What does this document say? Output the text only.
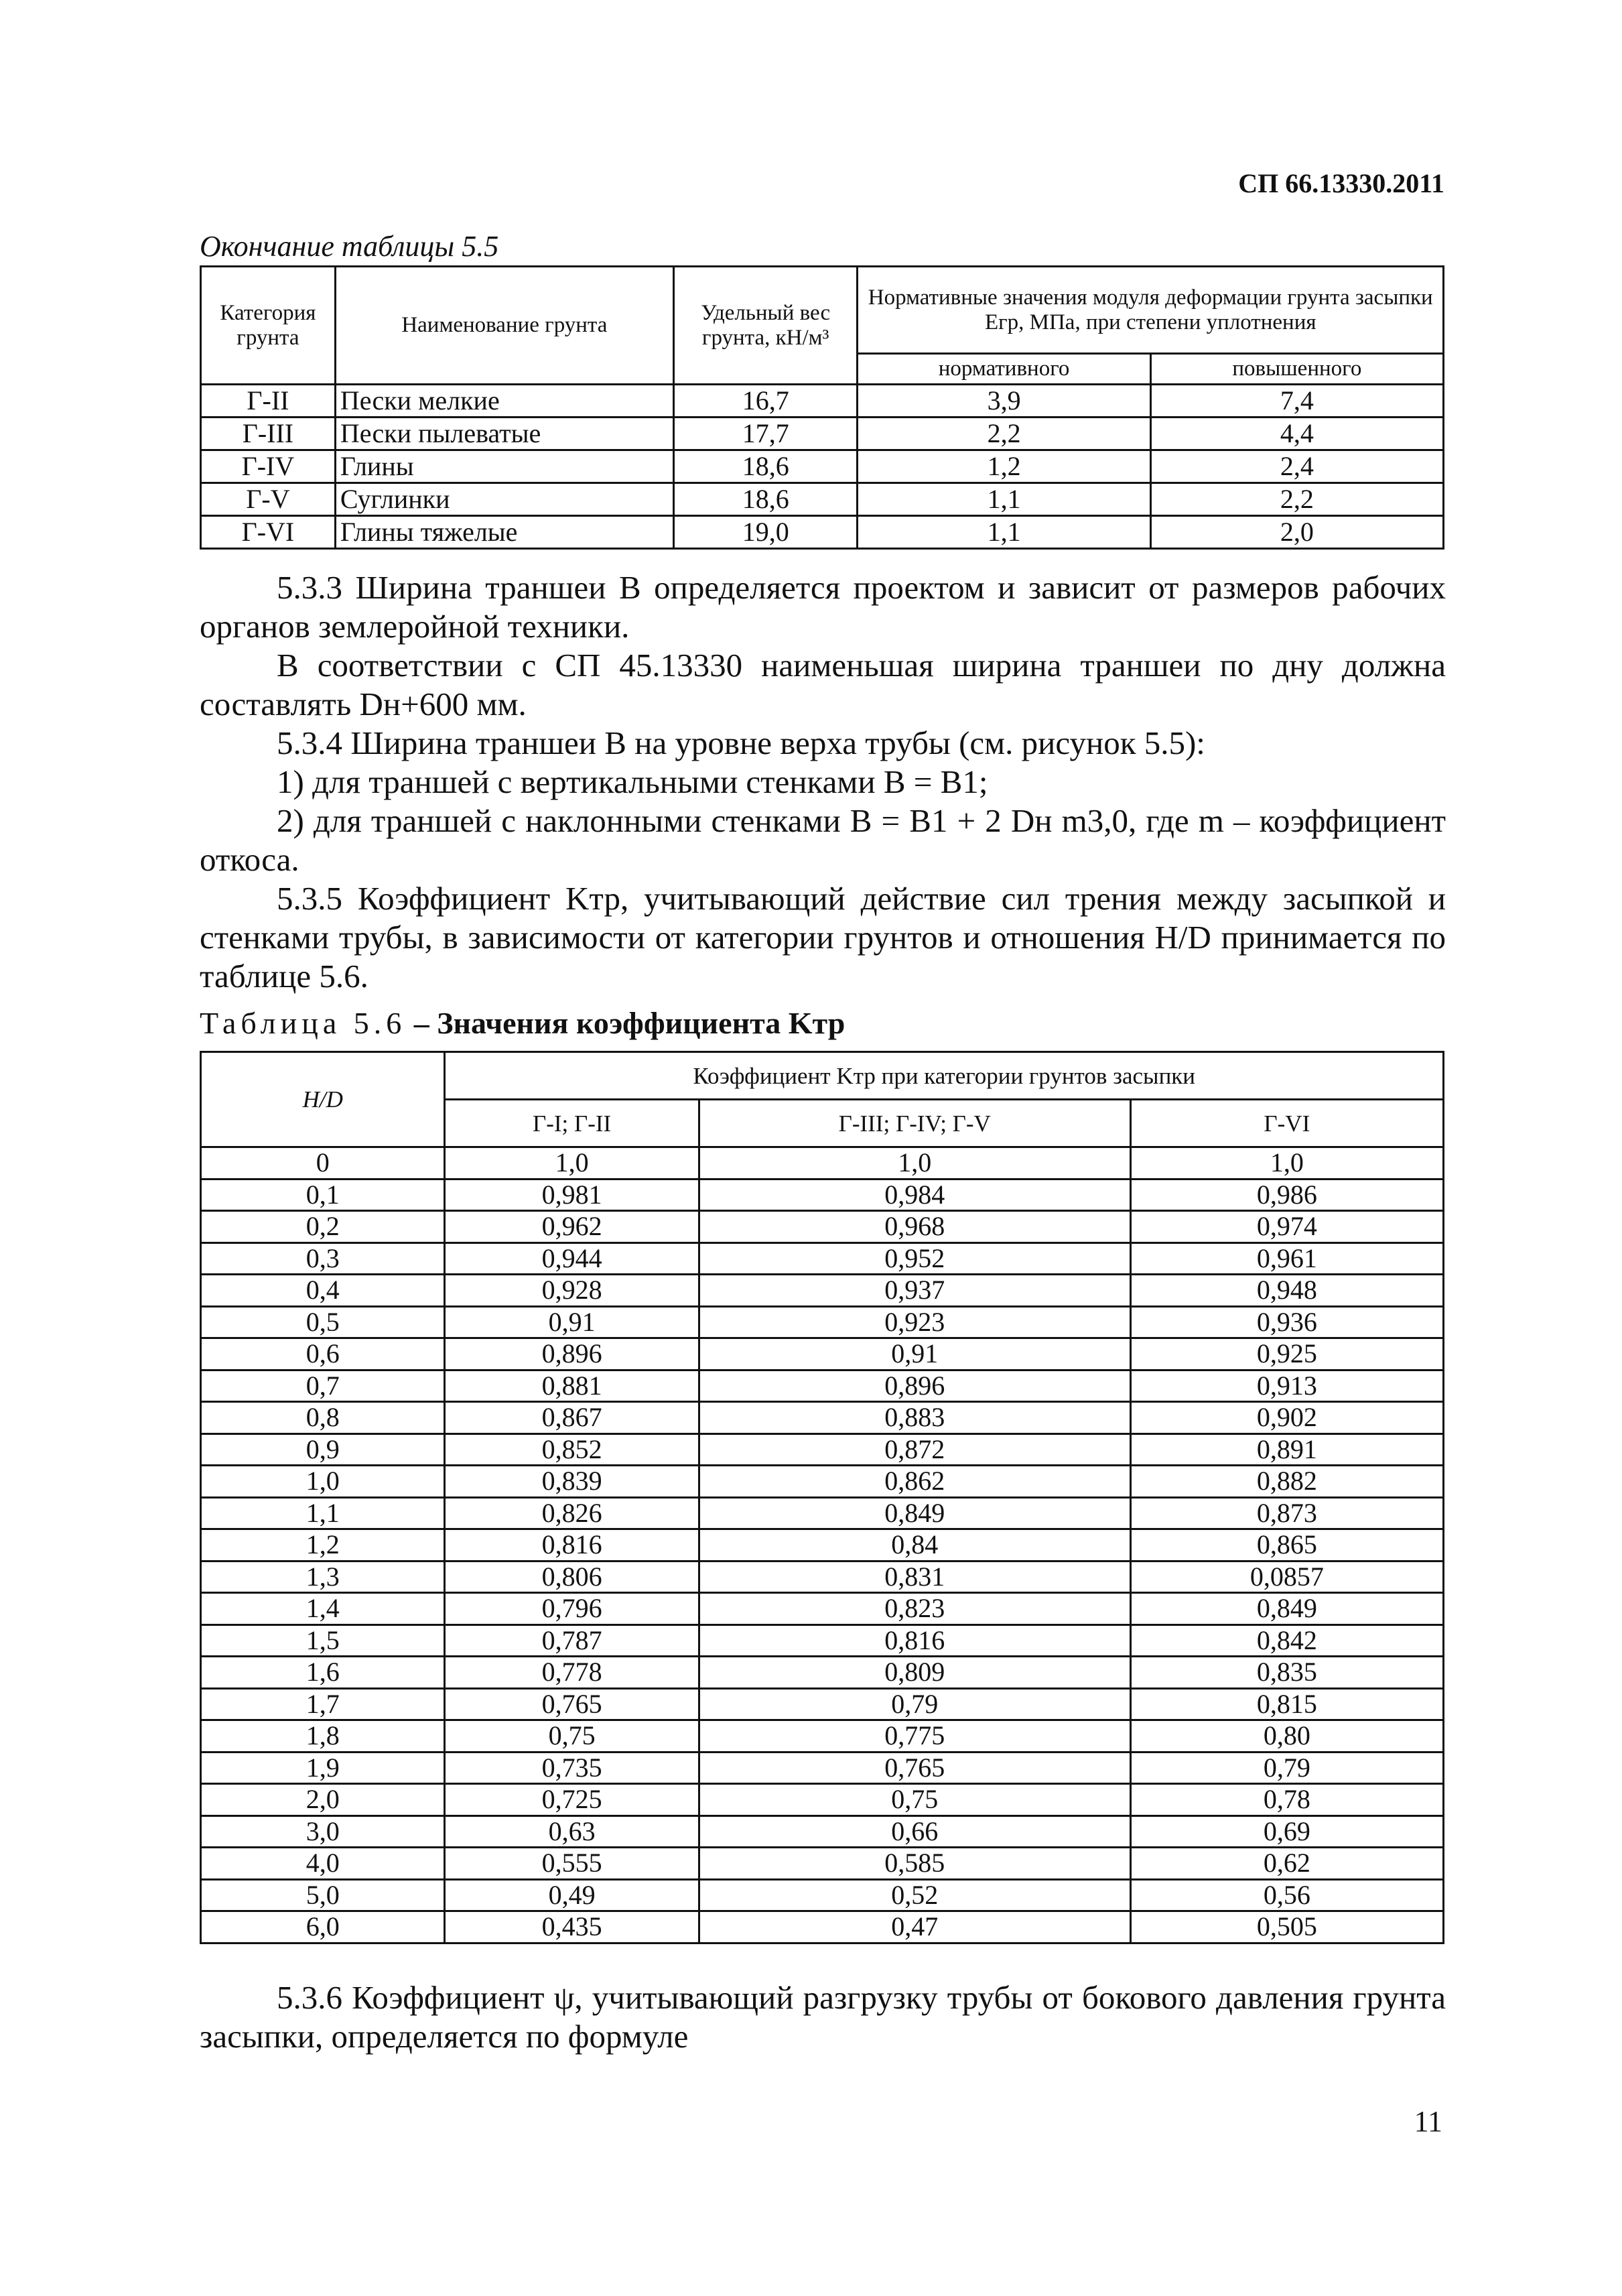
СП 66.13330.2011
Окончание таблицы 5.5
Категория грунта	Наименование грунта	Удельный вес грунта, кН/м³	Нормативные значения модуля деформации грунта засыпки Eгр, МПа, при степени уплотнения	
			нормативного	повышенного
Г-II	Пески мелкие	16,7	3,9	7,4
Г-III	Пески пылеватые	17,7	2,2	4,4
Г-IV	Глины	18,6	1,2	2,4
Г-V	Суглинки	18,6	1,1	2,2
Г-VI	Глины тяжелые	19,0	1,1	2,0
5.3.3 Ширина траншеи B определяется проектом и зависит от размеров рабочих органов землеройной техники.
В соответствии с СП 45.13330 наименьшая ширина траншеи по дну должна составлять Dн+600 мм.
5.3.4 Ширина траншеи B на уровне верха трубы (см. рисунок 5.5):
1) для траншей с вертикальными стенками B = B1;
2) для траншей с наклонными стенками B = B1 + 2 Dн m3,0, где m – коэффициент откоса.
5.3.5 Коэффициент Kтр, учитывающий действие сил трения между засыпкой и стенками трубы, в зависимости от категории грунтов и отношения H/D принимается по таблице 5.6.
Таблица 5.6 – Значения коэффициента Kтр
H/D	Коэффициент Kтр при категории грунтов засыпки		
	Г-I; Г-II	Г-III; Г-IV; Г-V	Г-VI
0	1,0	1,0	1,0
0,1	0,981	0,984	0,986
0,2	0,962	0,968	0,974
0,3	0,944	0,952	0,961
0,4	0,928	0,937	0,948
0,5	0,91	0,923	0,936
0,6	0,896	0,91	0,925
0,7	0,881	0,896	0,913
0,8	0,867	0,883	0,902
0,9	0,852	0,872	0,891
1,0	0,839	0,862	0,882
1,1	0,826	0,849	0,873
1,2	0,816	0,84	0,865
1,3	0,806	0,831	0,0857
1,4	0,796	0,823	0,849
1,5	0,787	0,816	0,842
1,6	0,778	0,809	0,835
1,7	0,765	0,79	0,815
1,8	0,75	0,775	0,80
1,9	0,735	0,765	0,79
2,0	0,725	0,75	0,78
3,0	0,63	0,66	0,69
4,0	0,555	0,585	0,62
5,0	0,49	0,52	0,56
6,0	0,435	0,47	0,505
5.3.6 Коэффициент ψ, учитывающий разгрузку трубы от бокового давления грунта засыпки, определяется по формуле
11
